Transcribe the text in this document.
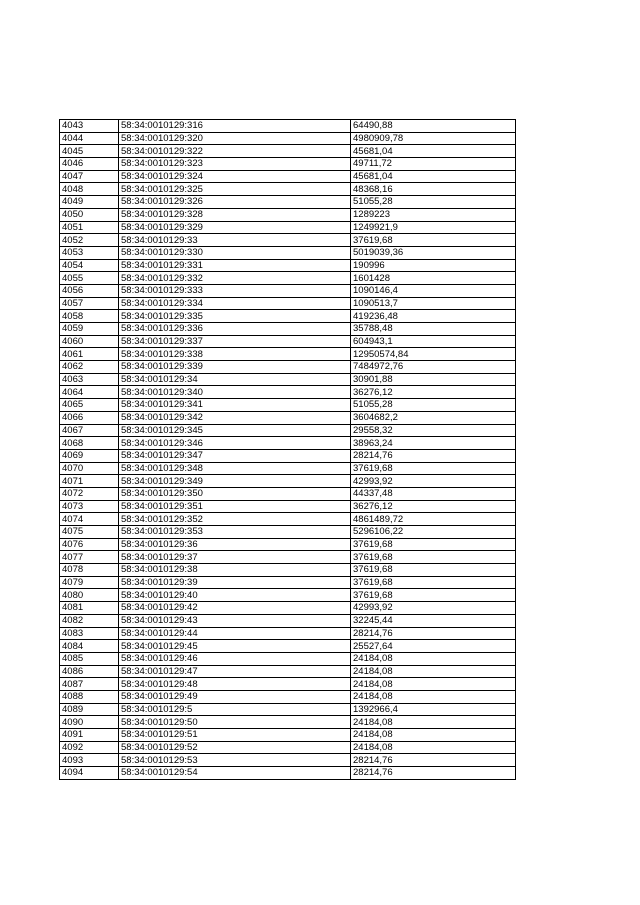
4043	58:34:0010129:316	64490,88
4044	58:34:0010129:320	4980909,78
4045	58:34:0010129:322	45681,04
4046	58:34:0010129:323	49711,72
4047	58:34:0010129:324	45681,04
4048	58:34:0010129:325	48368,16
4049	58:34:0010129:326	51055,28
4050	58:34:0010129:328	1289223
4051	58:34:0010129:329	1249921,9
4052	58:34:0010129:33	37619,68
4053	58:34:0010129:330	5019039,36
4054	58:34:0010129:331	190996
4055	58:34:0010129:332	1601428
4056	58:34:0010129:333	1090146,4
4057	58:34:0010129:334	1090513,7
4058	58:34:0010129:335	419236,48
4059	58:34:0010129:336	35788,48
4060	58:34:0010129:337	604943,1
4061	58:34:0010129:338	12950574,84
4062	58:34:0010129:339	7484972,76
4063	58:34:0010129:34	30901,88
4064	58:34:0010129:340	36276,12
4065	58:34:0010129:341	51055,28
4066	58:34:0010129:342	3604682,2
4067	58:34:0010129:345	29558,32
4068	58:34:0010129:346	38963,24
4069	58:34:0010129:347	28214,76
4070	58:34:0010129:348	37619,68
4071	58:34:0010129:349	42993,92
4072	58:34:0010129:350	44337,48
4073	58:34:0010129:351	36276,12
4074	58:34:0010129:352	4861489,72
4075	58:34:0010129:353	5296106,22
4076	58:34:0010129:36	37619,68
4077	58:34:0010129:37	37619,68
4078	58:34:0010129:38	37619,68
4079	58:34:0010129:39	37619,68
4080	58:34:0010129:40	37619,68
4081	58:34:0010129:42	42993,92
4082	58:34:0010129:43	32245,44
4083	58:34:0010129:44	28214,76
4084	58:34:0010129:45	25527,64
4085	58:34:0010129:46	24184,08
4086	58:34:0010129:47	24184,08
4087	58:34:0010129:48	24184,08
4088	58:34:0010129:49	24184,08
4089	58:34:0010129:5	1392966,4
4090	58:34:0010129:50	24184,08
4091	58:34:0010129:51	24184,08
4092	58:34:0010129:52	24184,08
4093	58:34:0010129:53	28214,76
4094	58:34:0010129:54	28214,76
